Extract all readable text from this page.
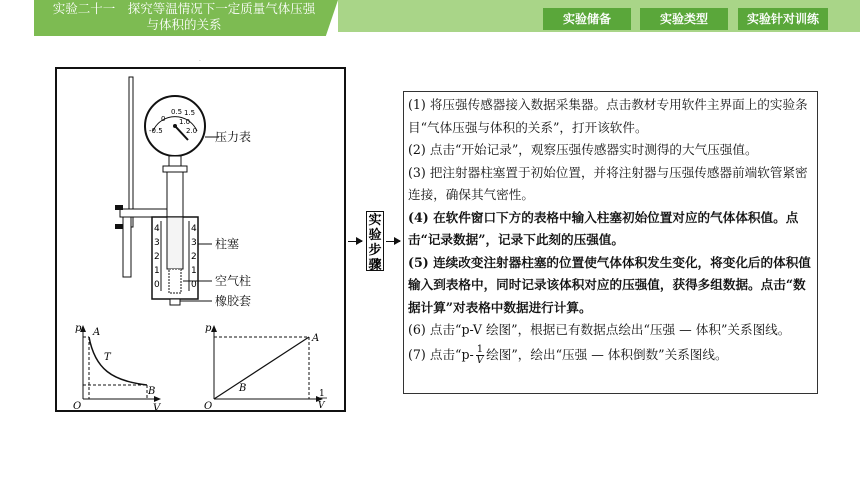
实验二十一　探究等温情况下一定质量气体压强
与体积的关系	实验储备	实验类型	实验针对训练
·
-0.5
0
0.5
1.0
1.5
2.0
4
3
2
1
0
4
3
2
1
0
p
V
O
A
B
T
p
O
A
B	1
V
压力表
柱塞
空气柱
橡胶套
实
验
步
骤

(1) 将压强传感器接入数据采集器。点击教材专用软件主界面上的实验条目“气体压强与体积的关系”，打开该软件。

(2) 点击“开始记录”，观察压强传感器实时测得的大气压强值。

(3) 把注射器柱塞置于初始位置，并将注射器与压强传感器前端软管紧密连接，确保其气密性。

(4) 在软件窗口下方的表格中输入柱塞初始位置对应的气体体积值。点击“记录数据”，记录下此刻的压强值。

(5) 连续改变注射器柱塞的位置使气体体积发生变化，将变化后的体积值输入到表格中，同时记录该体积对应的压强值，获得多组数据。点击“数据计算”对表格中数据进行计算。

(6) 点击“p-V 绘图”，根据已有数据点绘出“压强 — 体积”关系图线。

(7) 点击“$p- \frac{1}{V}$ 绘图”，绘出“压强 — 体积倒数”关系图线。
